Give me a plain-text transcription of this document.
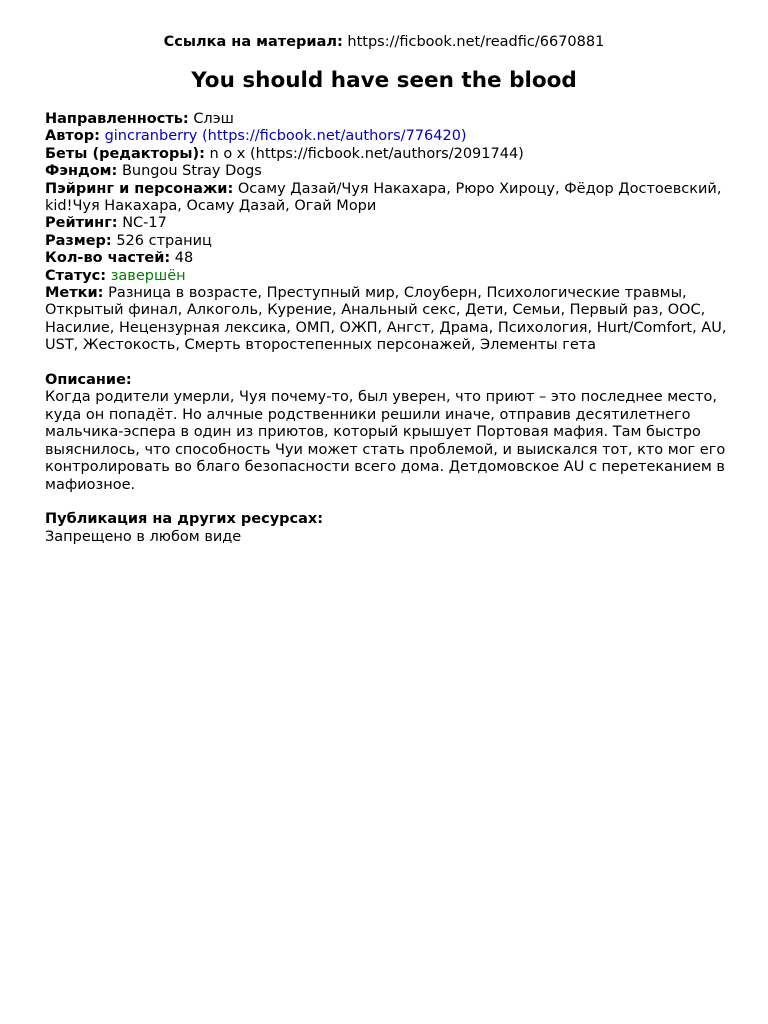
Ссылка на материал: https://ficbook.net/readfic/6670881
You should have seen the blood

Направленность: Слэш

Автор: gincranberry (https://ficbook.net/authors/776420)

Беты (редакторы): n o x (https://ficbook.net/authors/2091744)

Фэндом: Bungou Stray Dogs

Пэйринг и персонажи: Осаму Дазай/Чуя Накахара, Рюро Хироцу, Фёдор Достоевский, kid!Чуя Накахара, Осаму Дазай, Огай Мори

Рейтинг: NC-17

Размер: 526 страниц

Кол-во частей: 48

Статус: завершён

Метки: Разница в возрасте, Преступный мир, Слоуберн, Психологические травмы, Открытый финал, Алкоголь, Курение, Анальный секс, Дети, Семьи, Первый раз, ООС, Насилие, Нецензурная лексика, ОМП, ОЖП, Ангст, Драма, Психология, Hurt/Comfort, AU, UST, Жестокость, Смерть второстепенных персонажей, Элементы гета

Описание:

Когда родители умерли, Чуя почему-то, был уверен, что приют – это последнее место, куда он попадёт. Но алчные родственники решили иначе, отправив десятилетнего мальчика-эспера в один из приютов, который крышует Портовая мафия. Там быстро выяснилось, что способность Чуи может стать проблемой, и выискался тот, кто мог его контролировать во благо безопасности всего дома. Детдомовское AU с перетеканием в мафиозное.

Публикация на других ресурсах:

Запрещено в любом виде
